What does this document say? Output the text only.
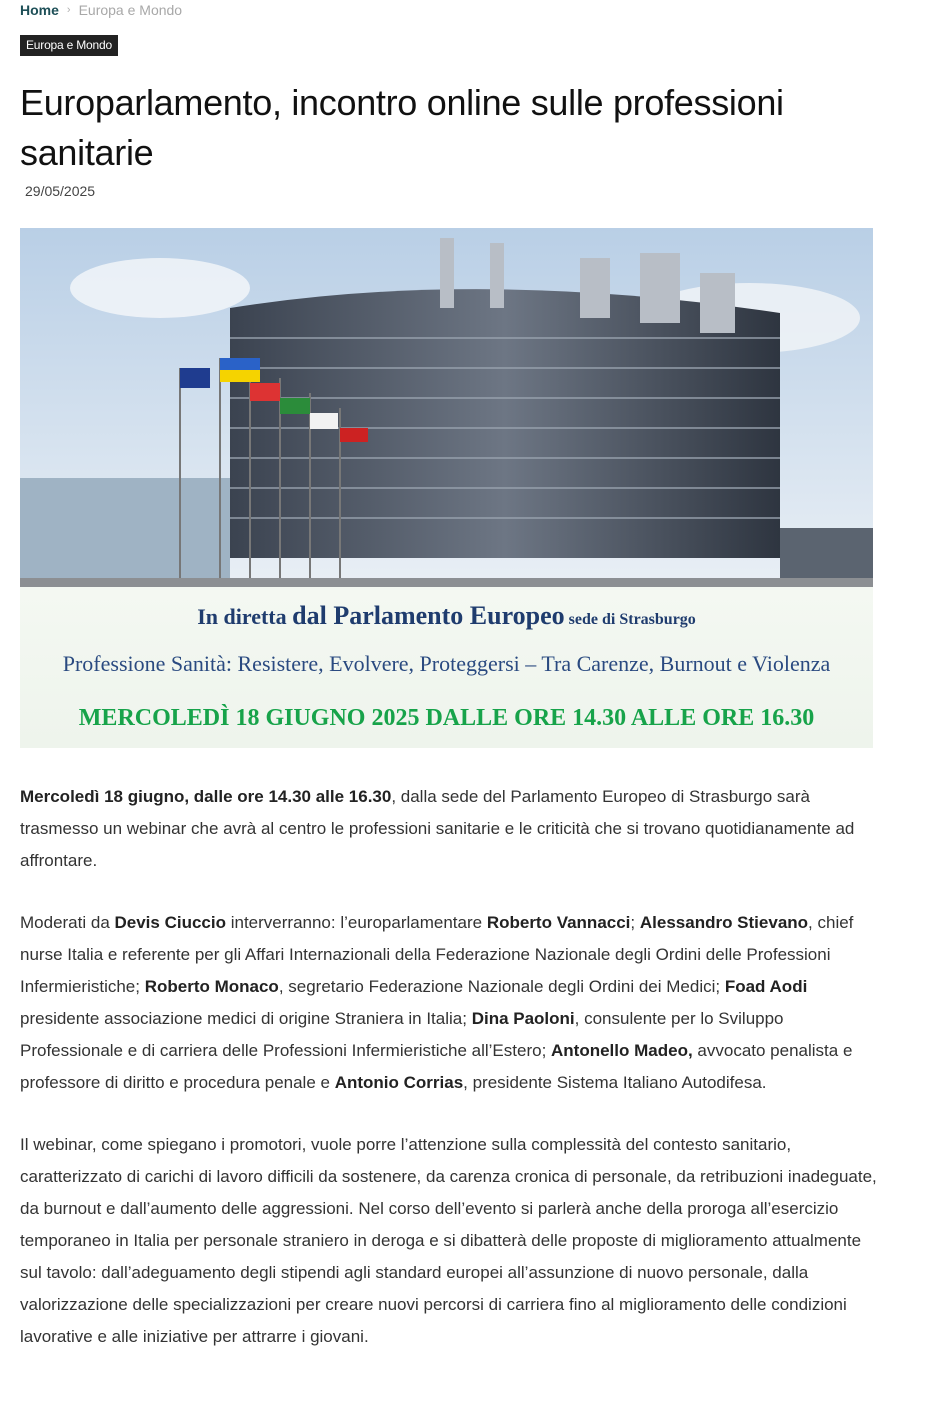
Home › Europa e Mondo
Europa e Mondo
Europarlamento, incontro online sulle professioni sanitarie
29/05/2025
In diretta dal Parlamento Europeo sede di Strasburgo
Professione Sanità: Resistere, Evolvere, Proteggersi – Tra Carenze, Burnout e Violenza
MERCOLEDÌ 18 GIUGNO 2025 DALLE ORE 14.30 ALLE ORE 16.30

Mercoledì 18 giugno, dalle ore 14.30 alle 16.30, dalla sede del Parlamento Europeo di Strasburgo sarà trasmesso un webinar che avrà al centro le professioni sanitarie e le criticità che si trovano quotidianamente ad affrontare.

Moderati da Devis Ciuccio interverranno: l’europarlamentare Roberto Vannacci; Alessandro Stievano, chief nurse Italia e referente per gli Affari Internazionali della Federazione Nazionale degli Ordini delle Professioni Infermieristiche; Roberto Monaco, segretario Federazione Nazionale degli Ordini dei Medici; Foad Aodi presidente associazione medici di origine Straniera in Italia; Dina Paoloni, consulente per lo Sviluppo Professionale e di carriera delle Professioni Infermieristiche all’Estero; Antonello Madeo, avvocato penalista e professore di diritto e procedura penale e Antonio Corrias, presidente Sistema Italiano Autodifesa.

Il webinar, come spiegano i promotori, vuole porre l’attenzione sulla complessità del contesto sanitario, caratterizzato di carichi di lavoro difficili da sostenere, da carenza cronica di personale, da retribuzioni inadeguate, da burnout e dall’aumento delle aggressioni. Nel corso dell’evento si parlerà anche della proroga all’esercizio temporaneo in Italia per personale straniero in deroga e si dibatterà delle proposte di miglioramento attualmente sul tavolo: dall’adeguamento degli stipendi agli standard europei all’assunzione di nuovo personale, dalla valorizzazione delle specializzazioni per creare nuovi percorsi di carriera fino al miglioramento delle condizioni lavorative e alle iniziative per attrarre i giovani.
